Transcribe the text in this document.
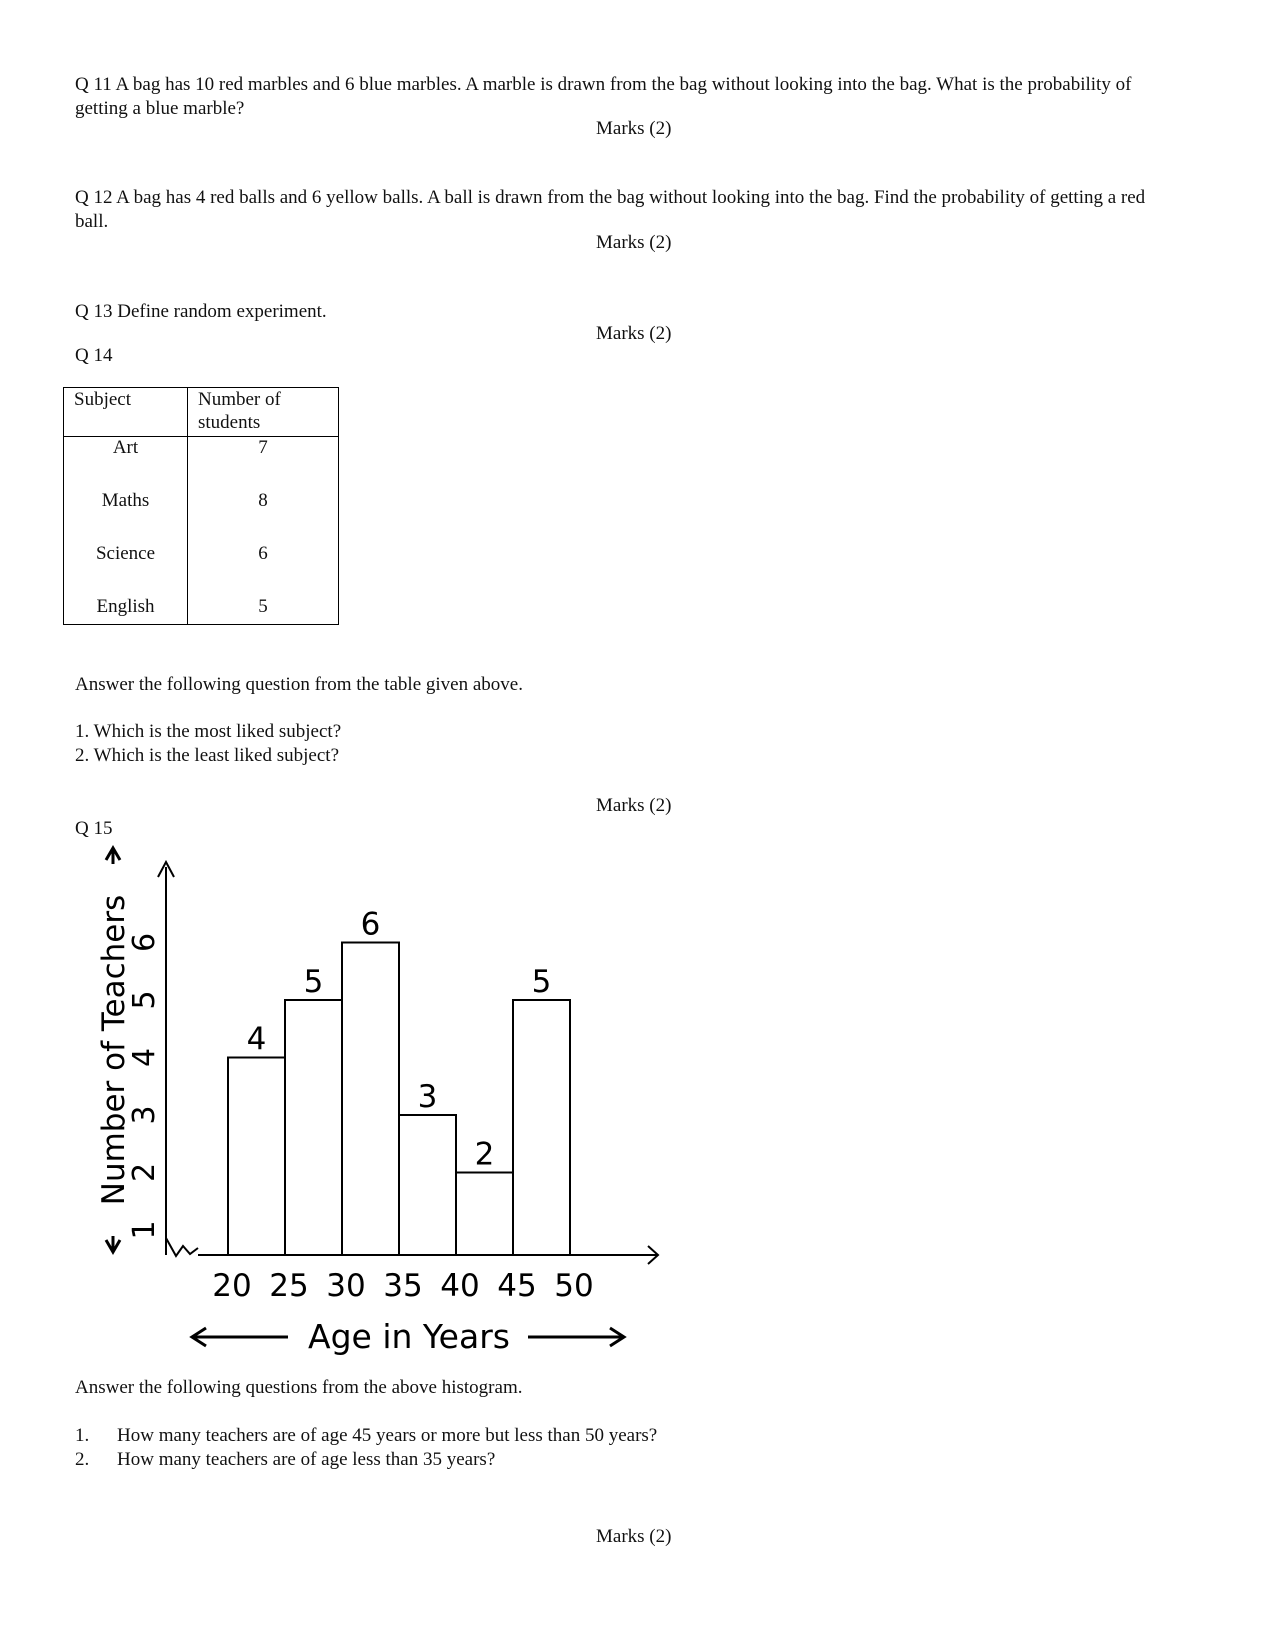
Q 11 A bag has 10 red marbles and 6 blue marbles. A marble is drawn from the bag without looking into the bag. What is the probability of getting a blue marble?
Marks (2)
Q 12 A bag has 4 red balls and 6 yellow balls. A ball is drawn from the bag without looking into the bag. Find the probability of getting a red ball.
Marks (2)
Q 13 Define random experiment.
Marks (2)
Q 14
Subject	Number of students
Art	7
Maths	8
Science	6
English	5
Answer the following question from the table given above.
1. Which is the most liked subject?
2. Which is the least liked subject?
Marks (2)
Q 15
4
5
6
3
2
5
20 25 30 35 40 45 50
1
2
3
4
5
6
Age in Years
Number of Teachers
Answer the following questions from the above histogram.
1. How many teachers are of age 45 years or more but less than 50 years?
2. How many teachers are of age less than 35 years?
Marks (2)
